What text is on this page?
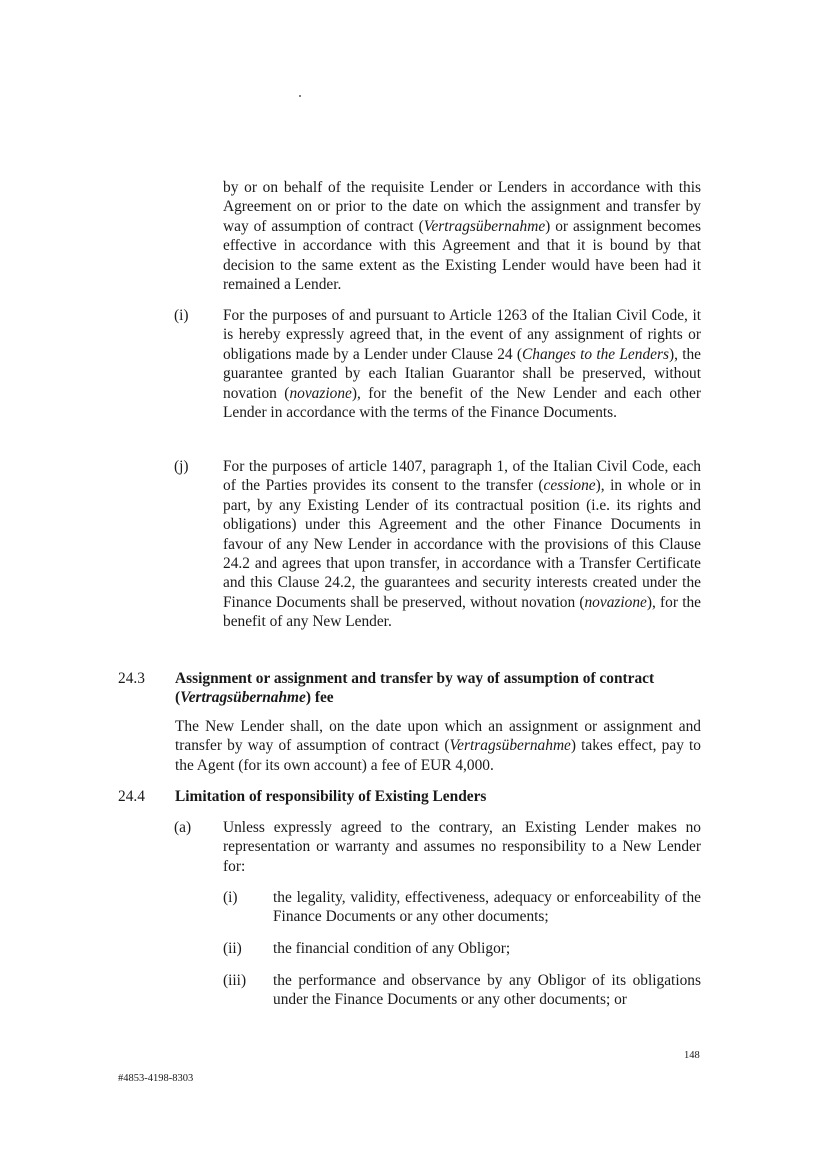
by or on behalf of the requisite Lender or Lenders in accordance with this Agreement on or prior to the date on which the assignment and transfer by way of assumption of contract (Vertragsübernahme) or assignment becomes effective in accordance with this Agreement and that it is bound by that decision to the same extent as the Existing Lender would have been had it remained a Lender.
(i) For the purposes of and pursuant to Article 1263 of the Italian Civil Code, it is hereby expressly agreed that, in the event of any assignment of rights or obligations made by a Lender under Clause 24 (Changes to the Lenders), the guarantee granted by each Italian Guarantor shall be preserved, without novation (novazione), for the benefit of the New Lender and each other Lender in accordance with the terms of the Finance Documents.
(j) For the purposes of article 1407, paragraph 1, of the Italian Civil Code, each of the Parties provides its consent to the transfer (cessione), in whole or in part, by any Existing Lender of its contractual position (i.e. its rights and obligations) under this Agreement and the other Finance Documents in favour of any New Lender in accordance with the provisions of this Clause 24.2 and agrees that upon transfer, in accordance with a Transfer Certificate and this Clause 24.2, the guarantees and security interests created under the Finance Documents shall be preserved, without novation (novazione), for the benefit of any New Lender.
24.3 Assignment or assignment and transfer by way of assumption of contract (Vertragsübernahme) fee
The New Lender shall, on the date upon which an assignment or assignment and transfer by way of assumption of contract (Vertragsübernahme) takes effect, pay to the Agent (for its own account) a fee of EUR 4,000.
24.4 Limitation of responsibility of Existing Lenders
(a) Unless expressly agreed to the contrary, an Existing Lender makes no representation or warranty and assumes no responsibility to a New Lender for:
(i) the legality, validity, effectiveness, adequacy or enforceability of the Finance Documents or any other documents;
(ii) the financial condition of any Obligor;
(iii) the performance and observance by any Obligor of its obligations under the Finance Documents or any other documents; or
148
#4853-4198-8303
